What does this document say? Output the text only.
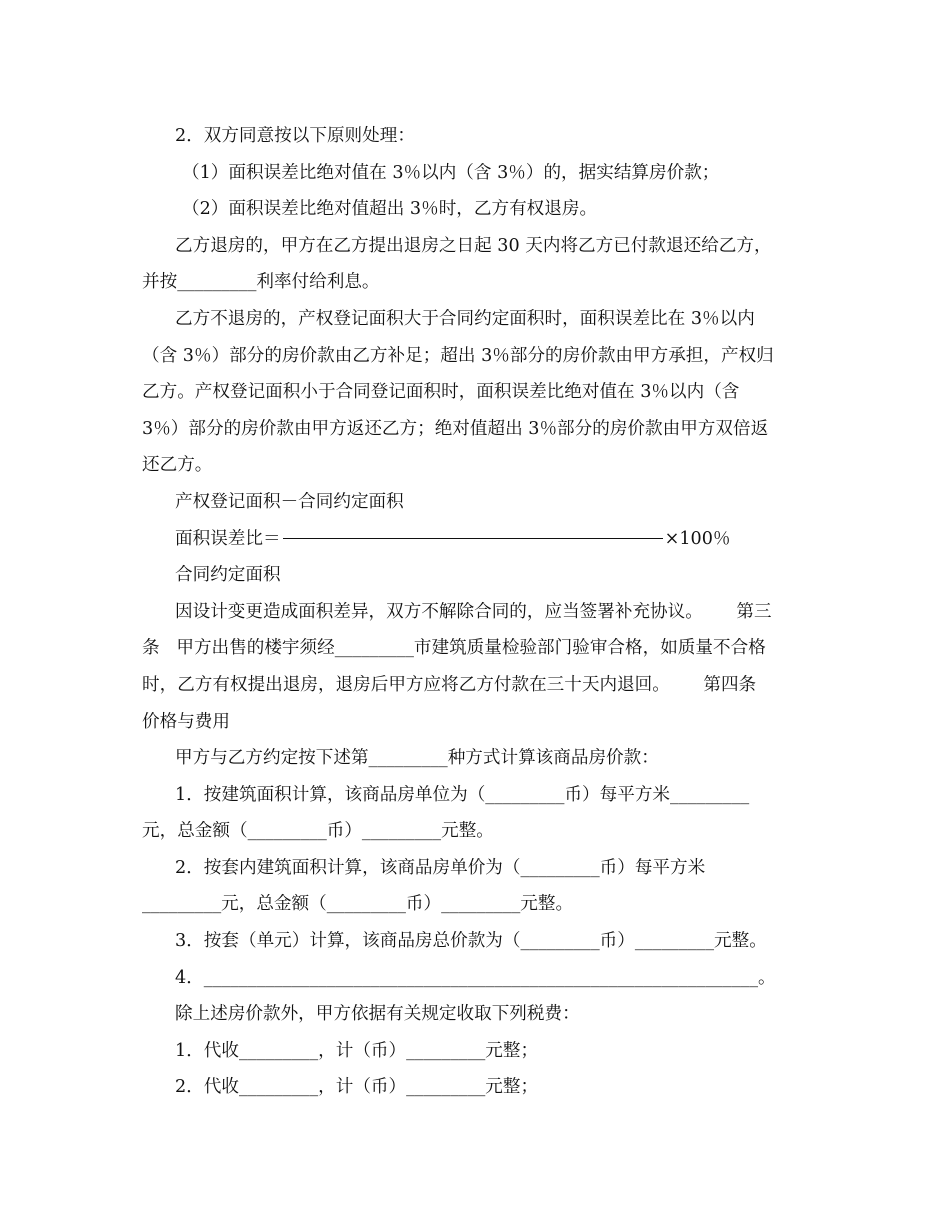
2．双方同意按以下原则处理：

（1）面积误差比绝对值在 3％以内（含 3％）的，据实结算房价款；

（2）面积误差比绝对值超出 3％时，乙方有权退房。

乙方退房的，甲方在乙方提出退房之日起 30 天内将乙方已付款退还给乙方，

并按_________利率付给利息。

乙方不退房的，产权登记面积大于合同约定面积时，面积误差比在 3％以内

（含 3％）部分的房价款由乙方补足；超出 3％部分的房价款由甲方承担，产权归

乙方。产权登记面积小于合同登记面积时，面积误差比绝对值在 3％以内（含

3％）部分的房价款由甲方返还乙方；绝对值超出 3％部分的房价款由甲方双倍返

还乙方。

产权登记面积－合同约定面积

面积误差比＝	×100％

合同约定面积

因设计变更造成面积差异，双方不解除合同的，应当签署补充协议。      第三

条   甲方出售的楼宇须经_________市建筑质量检验部门验审合格，如质量不合格

时，乙方有权提出退房，退房后甲方应将乙方付款在三十天内退回。      第四条

价格与费用

甲方与乙方约定按下述第_________种方式计算该商品房价款：

1．按建筑面积计算，该商品房单位为（_________币）每平方米_________

元，总金额（_________币）_________元整。

2．按套内建筑面积计算，该商品房单价为（_________币）每平方米

_________元，总金额（_________币）_________元整。

3．按套（单元）计算，该商品房总价款为（_________币）_________元整。

4．_______________________________________________________________。

除上述房价款外，甲方依据有关规定收取下列税费：

1．代收_________，计（币）_________元整；

2．代收_________，计（币）_________元整；
